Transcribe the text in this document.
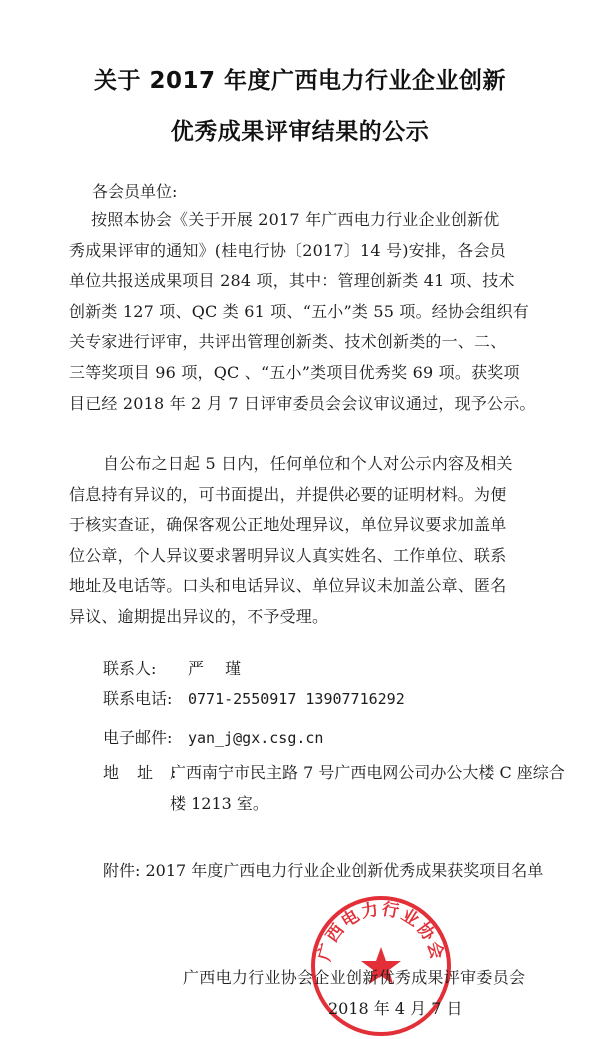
关于 2017 年度广西电力行业企业创新
优秀成果评审结果的公示
各会员单位:
按照本协会《关于开展 2017 年广西电力行业企业创新优
秀成果评审的通知》(桂电行协〔2017〕14 号)安排，各会员
单位共报送成果项目 284 项，其中：管理创新类 41 项、技术
创新类 127 项、QC 类 61 项、“五小”类 55 项。经协会组织有
关专家进行评审，共评出管理创新类、技术创新类的一、二、
三等奖项目 96 项，QC 、“五小”类项目优秀奖 69 项。获奖项
目已经 2018 年 2 月 7 日评审委员会会议审议通过，现予公示。
自公布之日起 5 日内，任何单位和个人对公示内容及相关
信息持有异议的，可书面提出，并提供必要的证明材料。为便
于核实查证，确保客观公正地处理异议，单位异议要求加盖单
位公章，个人异议要求署明异议人真实姓名、工作单位、联系
地址及电话等。口头和电话异议、单位异议未加盖公章、匿名
异议、逾期提出异议的，不予受理。
联系人: 严 瑾
联系电话: 0771-2550917 13907716292
电子邮件: yan_j@gx.csg.cn
地址:
广西南宁市民主路 7 号广西电网公司办公大楼 C 座综合
楼 1213 室。
附件: 2017 年度广西电力行业企业创新优秀成果获奖项目名单
广西电力行业协会
广西电力行业协会企业创新优秀成果评审委员会
2018 年 4 月 7 日
